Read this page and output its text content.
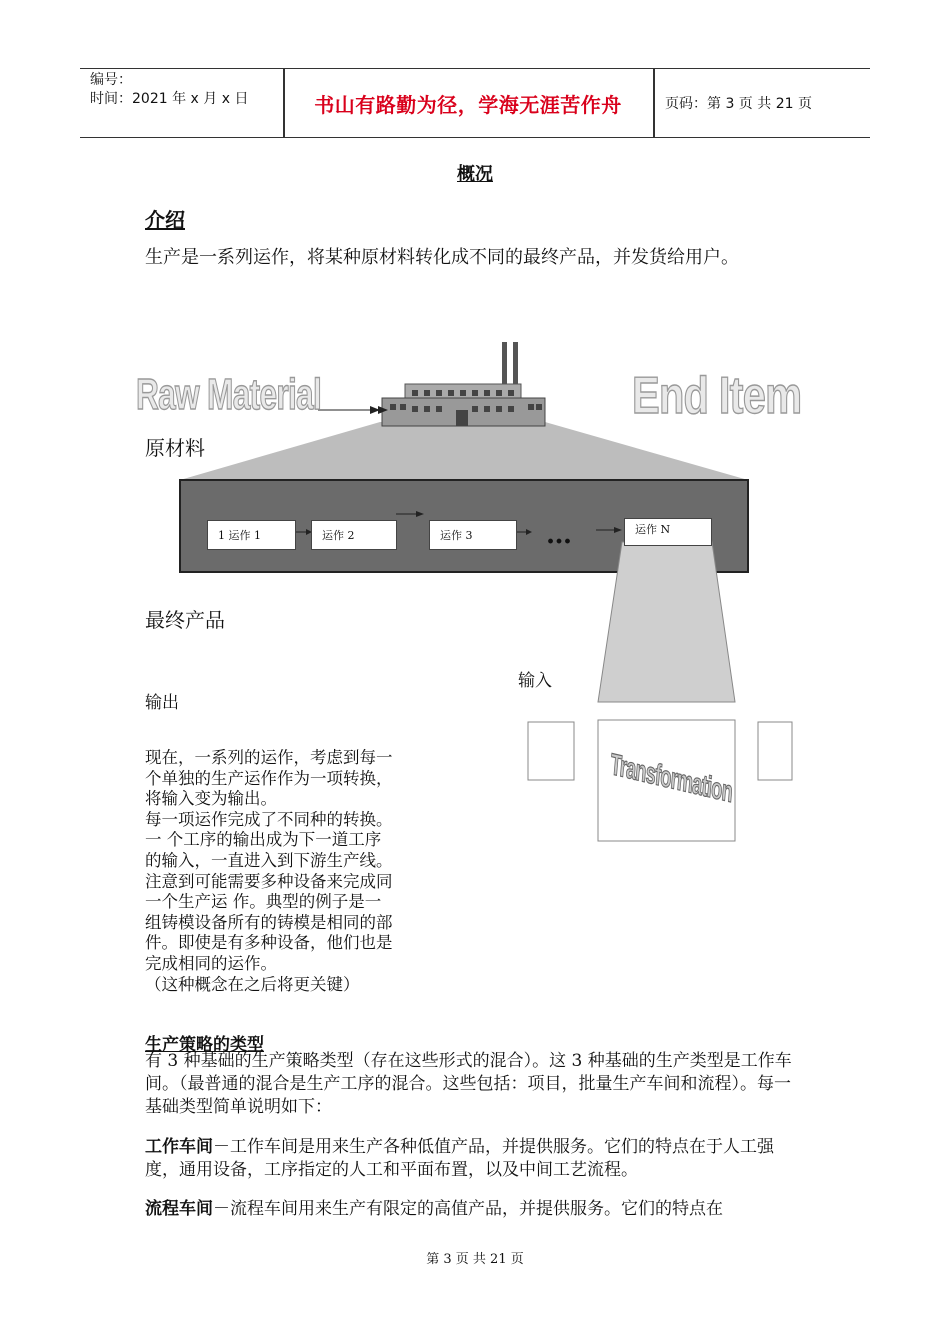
编号：
时间：2021 年 x 月 x 日	书山有路勤为径，学海无涯苦作舟	页码：第 3 页 共 21 页
概况
介绍
生产是一系列运作，将某种原材料转化成不同的最终产品，并发货给用户。
Raw Material	End Item
原材料
1 运作 1	运作 2	运作 3	…	运作 N
最终产品
输入
输出
Transformation
现在，一系列的运作，考虑到每一
个单独的生产运作作为一项转换，
将输入变为输出。
每一项运作完成了不同种的转换。
一 个工序的输出成为下一道工序
的输入，一直进入到下游生产线。
注意到可能需要多种设备来完成同
一个生产运 作。典型的例子是一
组铸模设备所有的铸模是相同的部
件。即使是有多种设备，他们也是
完成相同的运作。
（这种概念在之后将更关键）
生产策略的类型
有 3 种基础的生产策略类型（存在这些形式的混合）。这 3 种基础的生产类型是工作车间。（最普通的混合是生产工序的混合。这些包括：项目，批量生产车间和流程）。每一基础类型简单说明如下：
工作车间－工作车间是用来生产各种低值产品，并提供服务。它们的特点在于人工强度，通用设备，工序指定的人工和平面布置，以及中间工艺流程。
流程车间－流程车间用来生产有限定的高值产品，并提供服务。它们的特点在
第 3 页 共 21 页
